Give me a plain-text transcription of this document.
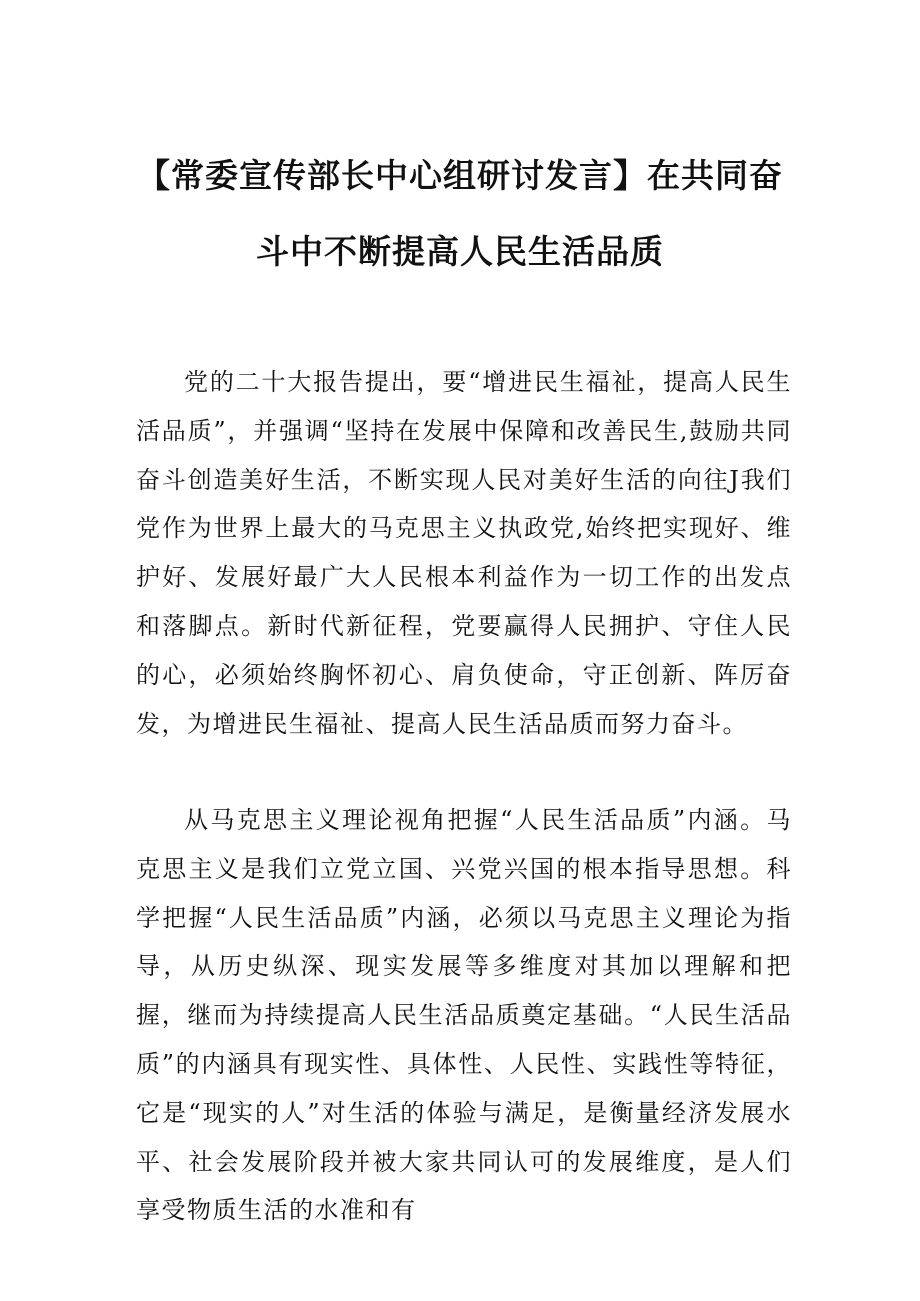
【常委宣传部长中心组研讨发言】在共同奋
斗中不断提高人民生活品质

党的二十大报告提出，要“增进民生福祉，提高人民生活品质”，并强调“坚持在发展中保障和改善民生,鼓励共同奋斗创造美好生活，不断实现人民对美好生活的向往J我们党作为世界上最大的马克思主义执政党,始终把实现好、维护好、发展好最广大人民根本利益作为一切工作的出发点和落脚点。新时代新征程，党要赢得人民拥护、守住人民的心，必须始终胸怀初心、肩负使命，守正创新、阵厉奋发，为增进民生福祉、提高人民生活品质而努力奋斗。

从马克思主义理论视角把握“人民生活品质”内涵。马克思主义是我们立党立国、兴党兴国的根本指导思想。科学把握“人民生活品质”内涵，必须以马克思主义理论为指导，从历史纵深、现实发展等多维度对其加以理解和把握，继而为持续提高人民生活品质奠定基础。“人民生活品质”的内涵具有现实性、具体性、人民性、实践性等特征，它是“现实的人”对生活的体验与满足，是衡量经济发展水平、社会发展阶段并被大家共同认可的发展维度，是人们享受物质生活的水准和有
